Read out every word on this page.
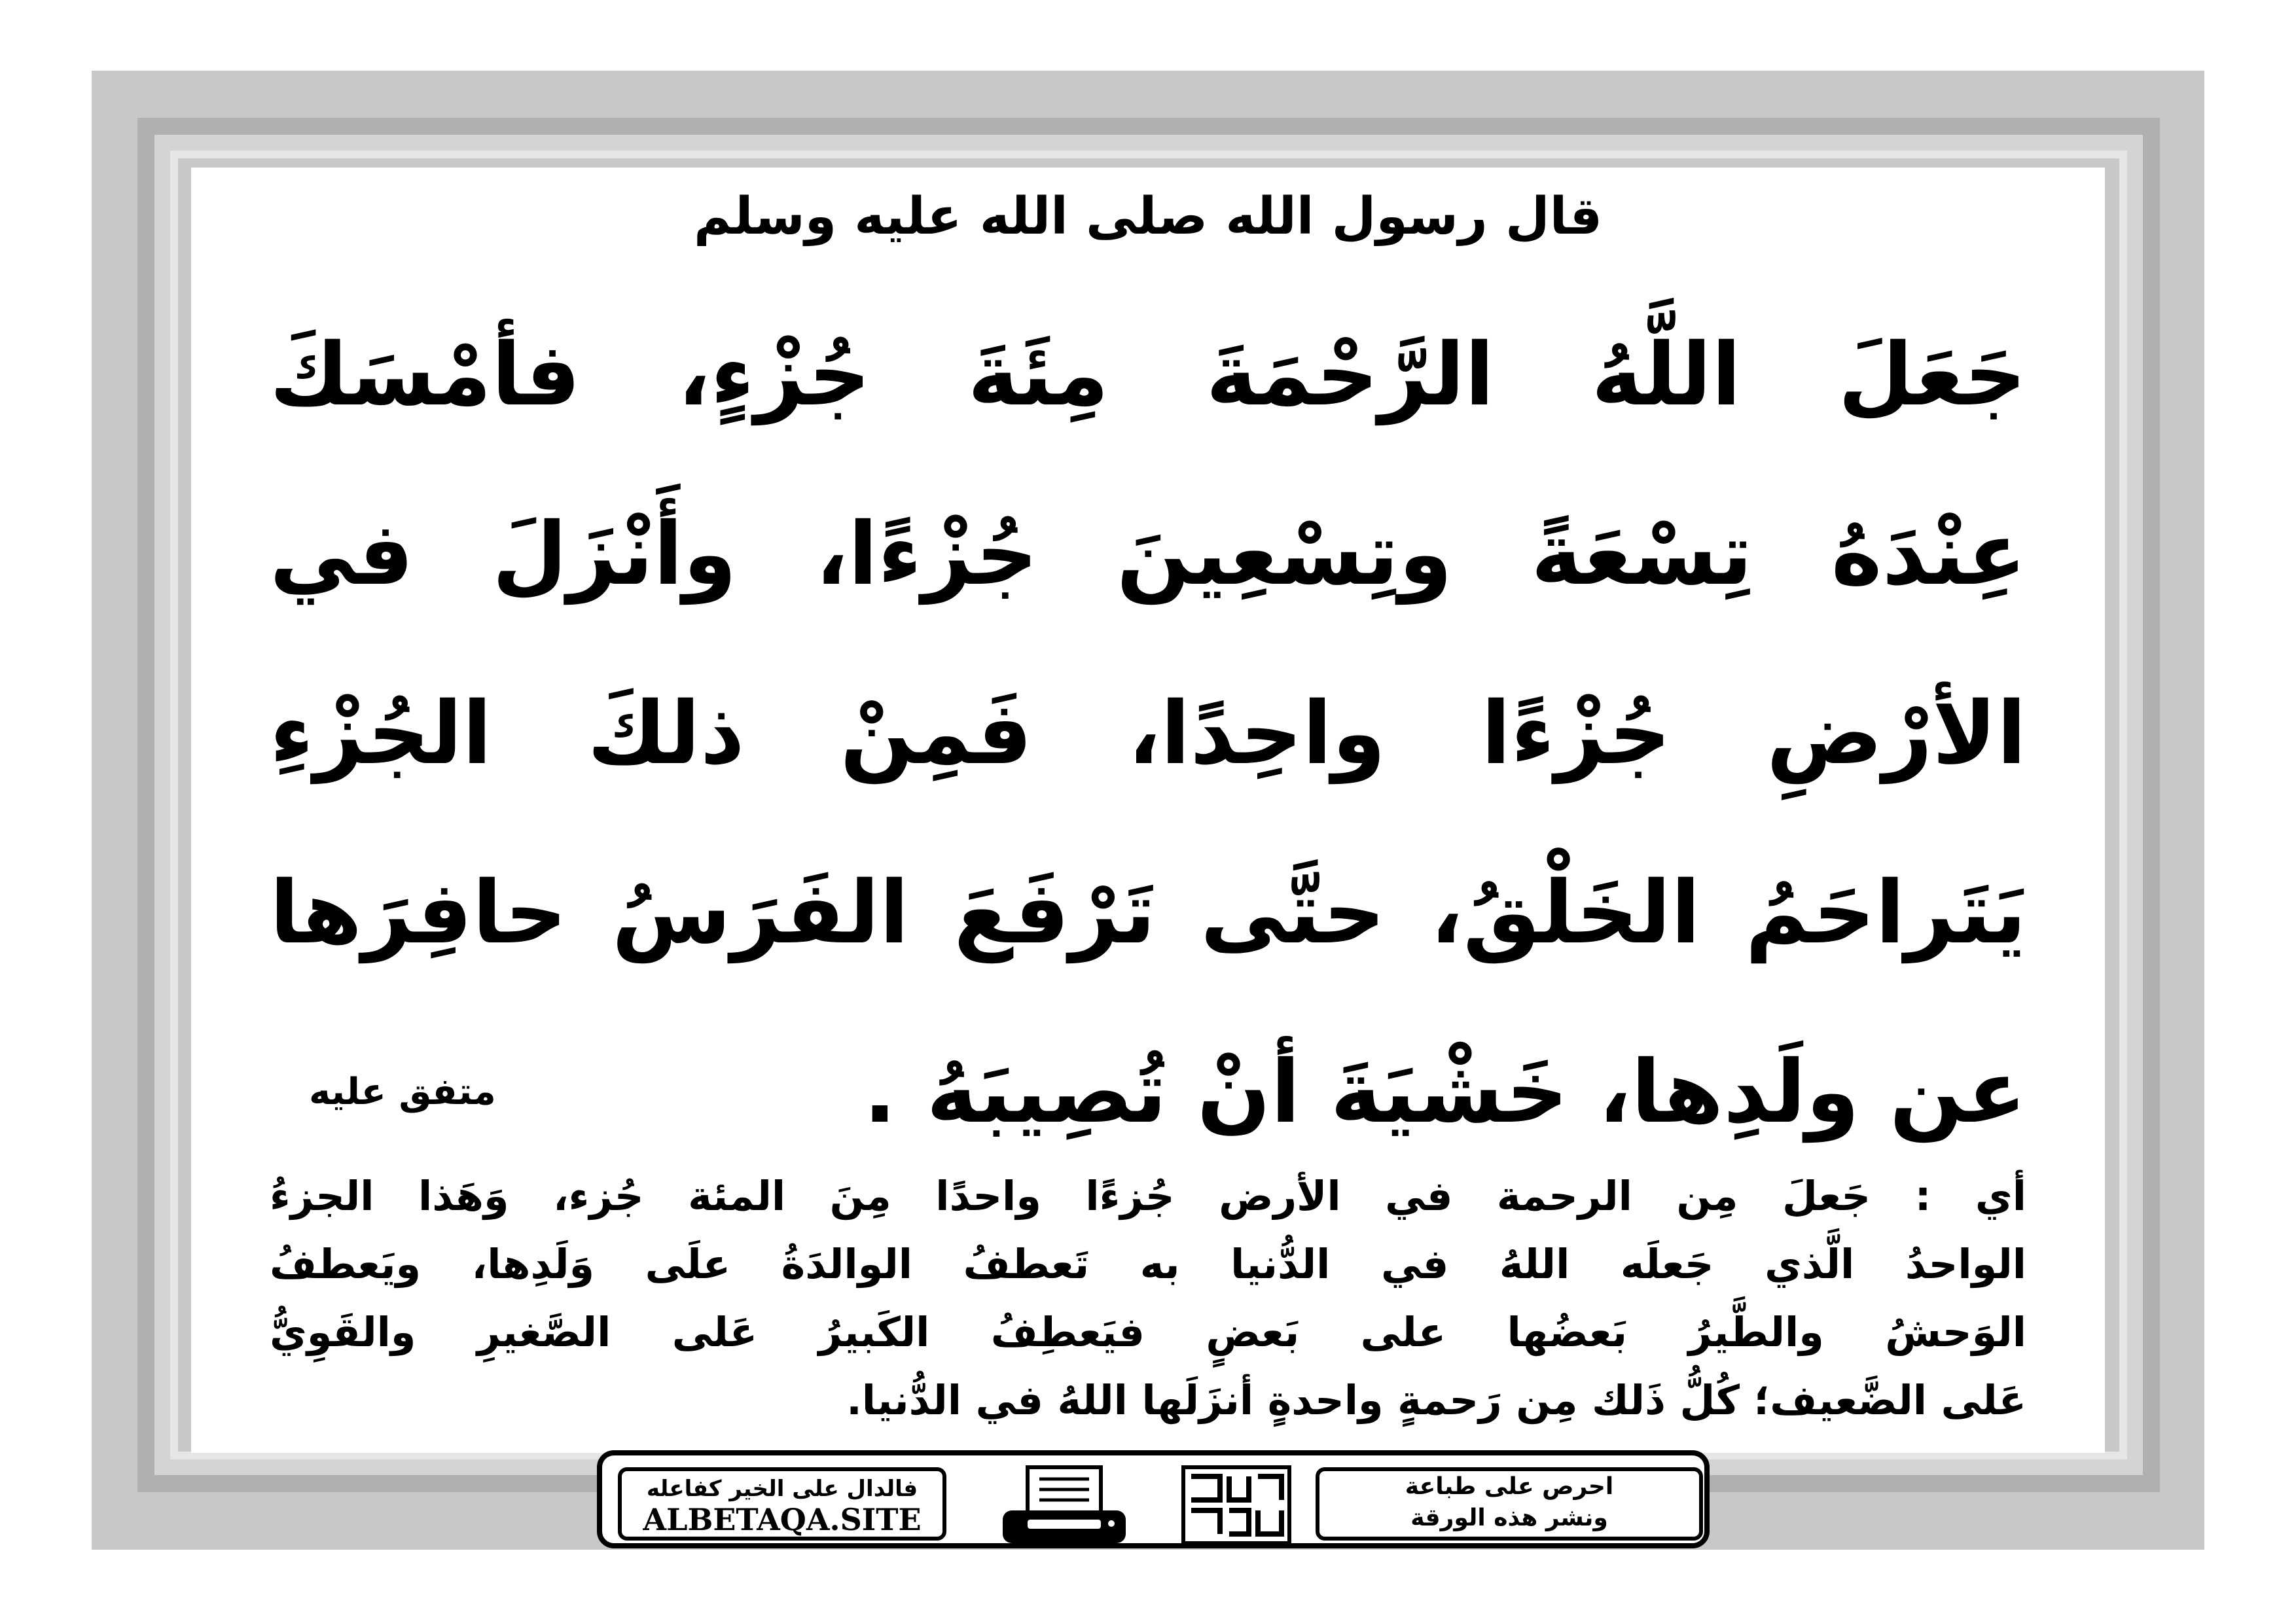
قال رسول الله صلى الله عليه وسلم
جَعَلَ اللَّهُ الرَّحْمَةَ مِئَةَ جُزْءٍ، فأمْسَكَ
عِنْدَهُ تِسْعَةً وتِسْعِينَ جُزْءًا، وأَنْزَلَ في
الأرْضِ جُزْءًا واحِدًا، فَمِنْ ذلكَ الجُزْءِ
يَتَراحَمُ الخَلْقُ، حتَّى تَرْفَعَ الفَرَسُ حافِرَها
عن ولَدِها، خَشْيَةَ أنْ تُصِيبَهُ .
متفق عليه
أي : جَعلَ مِن الرحمة في الأرض جُزءًا واحدًا مِنَ المئة جُزء، وَهَذا الجزءُ
الواحدُ الَّذي جَعلَه اللهُ في الدُّنيا به تَعطفُ الوالدَةُ علَى وَلَدِها، ويَعطفُ
الوَحشُ والطَّيرُ بَعضُها على بَعضٍ فيَعطِفُ الكَبيرُ عَلى الصَّغيرِ والقَوِيُّ
عَلى الضَّعيف؛ كُلُّ ذَلك مِن رَحمةٍ واحدةٍ أنزَلَها اللهُ في الدُّنيا.
فالدال على الخير كفاعله
ALBETAQA.SITE
احرص على طباعة
ونشر هذه الورقة
